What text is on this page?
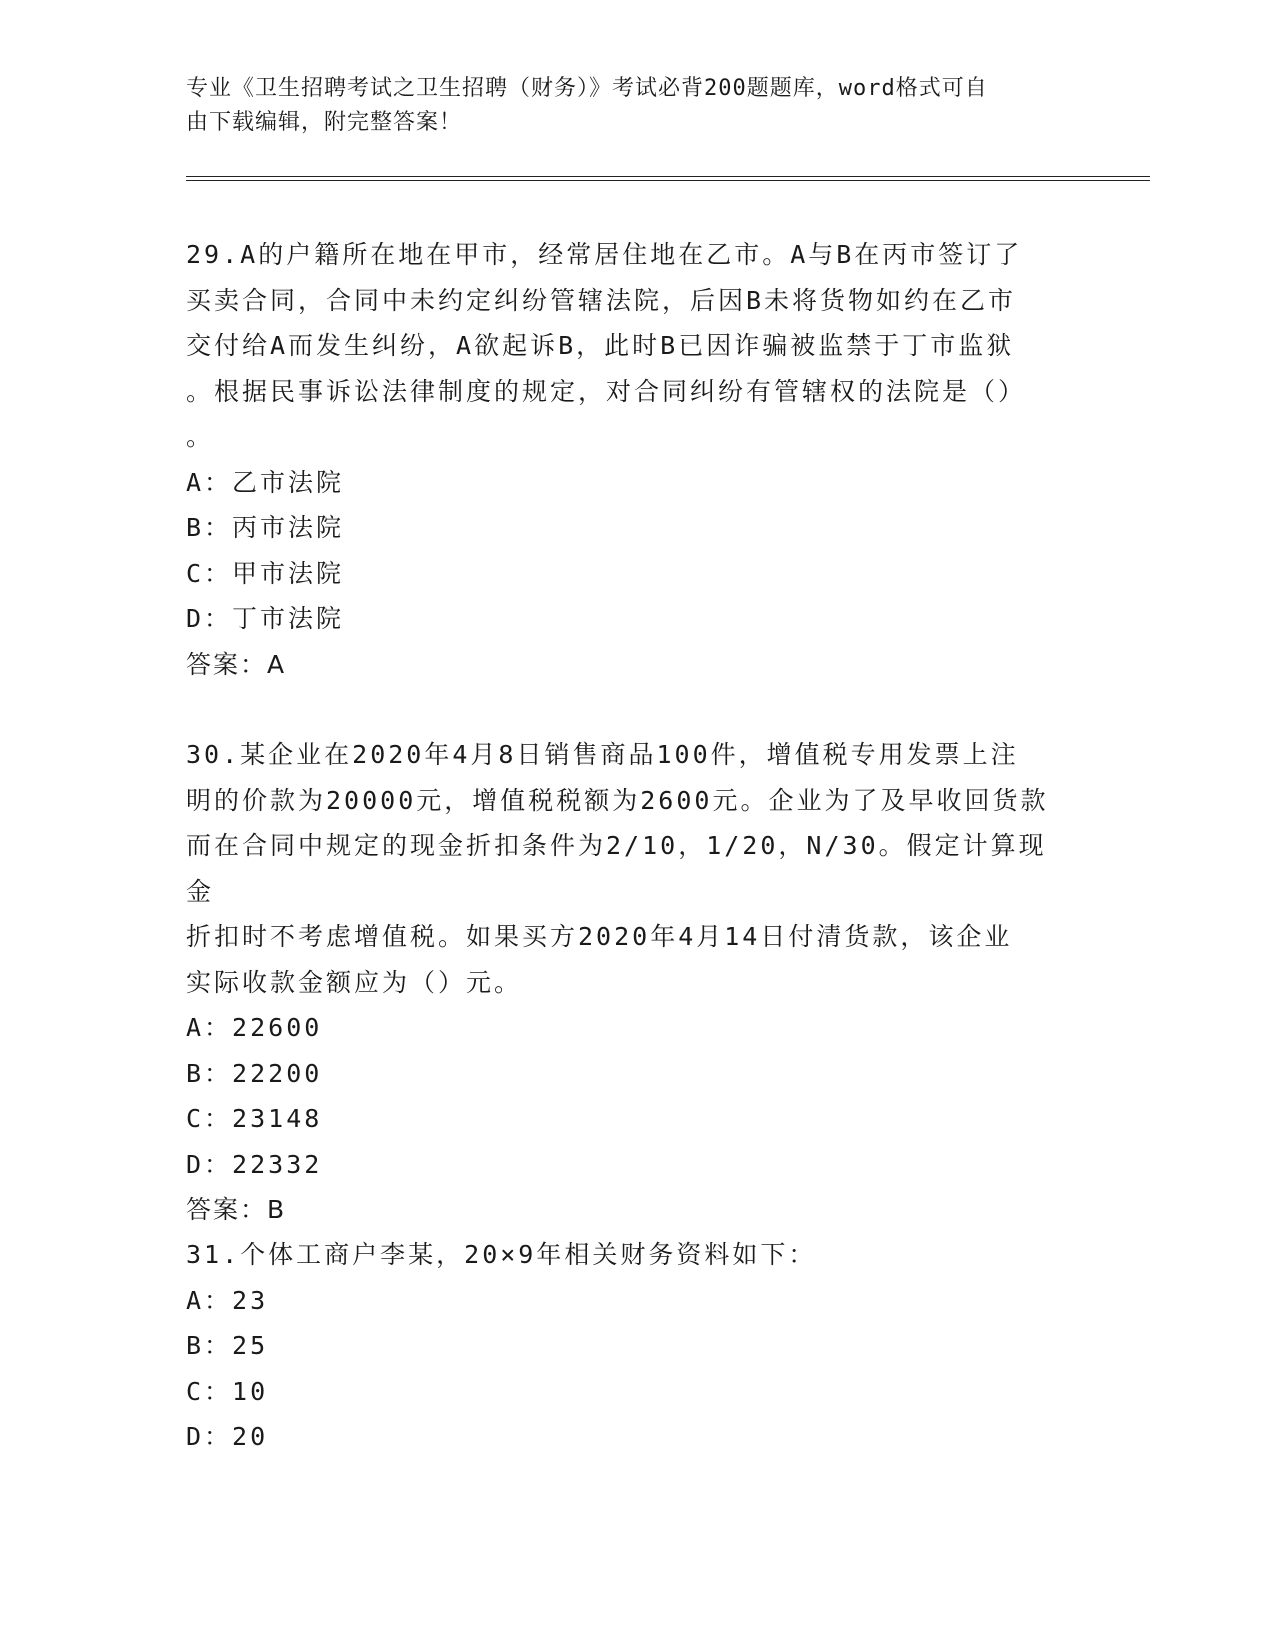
专业《卫生招聘考试之卫生招聘（财务）》考试必背200题题库，word格式可自
由下载编辑，附完整答案！

29.A的户籍所在地在甲市，经常居住地在乙市。A与B在丙市签订了

买卖合同，合同中未约定纠纷管辖法院，后因B未将货物如约在乙市

交付给A而发生纠纷，A欲起诉B，此时B已因诈骗被监禁于丁市监狱

。根据民事诉讼法律制度的规定，对合同纠纷有管辖权的法院是（）

。

A：乙市法院

B：丙市法院

C：甲市法院

D：丁市法院

答案：A

30.某企业在2020年4月8日销售商品100件，增值税专用发票上注

明的价款为20000元，增值税税额为2600元。企业为了及早收回货款

而在合同中规定的现金折扣条件为2/10，1/20，N/30。假定计算现金

折扣时不考虑增值税。如果买方2020年4月14日付清货款，该企业

实际收款金额应为（）元。

A：22600

B：22200

C：23148

D：22332

答案：B

31.个体工商户李某，20×9年相关财务资料如下：

A：23

B：25

C：10

D：20
